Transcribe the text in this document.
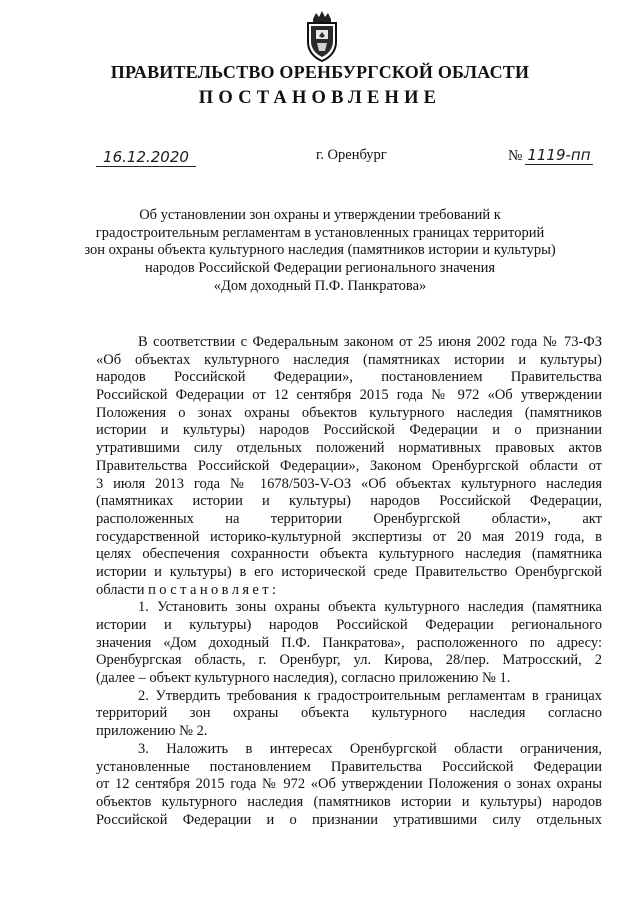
ПРАВИТЕЛЬСТВО ОРЕНБУРГСКОЙ ОБЛАСТИ
ПОСТАНОВЛЕНИЕ
16.12.2020	г. Оренбург	№ 1119-пп
Об установлении зон охраны и утверждении требований к
градостроительным регламентам в установленных границах территорий
зон охраны объекта культурного наследия (памятников истории и культуры)
народов Российской Федерации регионального значения
«Дом доходный П.Ф. Панкратова»
В соответствии с Федеральным законом от 25 июня 2002 года № 73-ФЗ
«Об объектах культурного наследия (памятниках истории и культуры)
народов Российской Федерации», постановлением Правительства
Российской Федерации от 12 сентября 2015 года № 972 «Об утверждении
Положения о зонах охраны объектов культурного наследия (памятников
истории и культуры) народов Российской Федерации и о признании
утратившими силу отдельных положений нормативных правовых актов
Правительства Российской Федерации», Законом Оренбургской области от
3 июля 2013 года № 1678/503-V-ОЗ «Об объектах культурного наследия
(памятниках истории и культуры) народов Российской Федерации,
расположенных на территории Оренбургской области», акт
государственной историко-культурной экспертизы от 20 мая 2019 года, в
целях обеспечения сохранности объекта культурного наследия (памятника
истории и культуры) в его исторической среде Правительство Оренбургской
области постановляет:
1. Установить зоны охраны объекта культурного наследия (памятника
истории и культуры) народов Российской Федерации регионального
значения «Дом доходный П.Ф. Панкратова», расположенного по адресу:
Оренбургская область, г. Оренбург, ул. Кирова, 28/пер. Матросский, 2
(далее – объект культурного наследия), согласно приложению № 1.
2. Утвердить требования к градостроительным регламентам в границах
территорий зон охраны объекта культурного наследия согласно
приложению № 2.
3. Наложить в интересах Оренбургской области ограничения,
установленные постановлением Правительства Российской Федерации
от 12 сентября 2015 года № 972 «Об утверждении Положения о зонах охраны
объектов культурного наследия (памятников истории и культуры) народов
Российской Федерации и о признании утратившими силу отдельных
